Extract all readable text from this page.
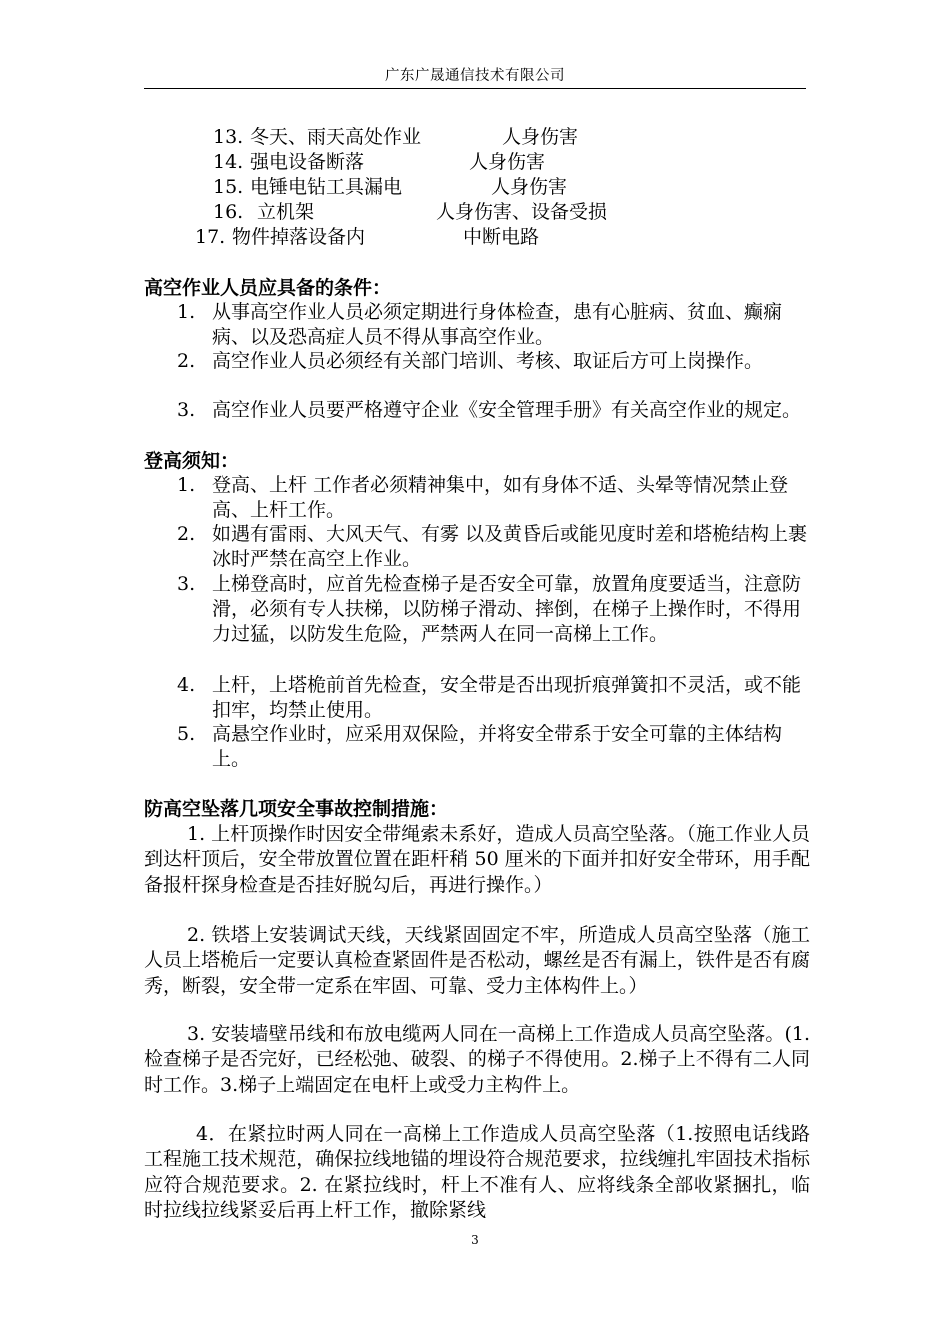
广东广晟通信技术有限公司
13. 冬天、雨天高处作业	人身伤害
14. 强电设备断落	人身伤害
15. 电锤电钻工具漏电	人身伤害
16. 立机架	人身伤害、设备受损
17. 物件掉落设备内	中断电路
高空作业人员应具备的条件：
1. 从事高空作业人员必须定期进行身体检查，患有心脏病、贫血、癫痫病、以及恐高症人员不得从事高空作业。
2. 高空作业人员必须经有关部门培训、考核、取证后方可上岗操作。
3. 高空作业人员要严格遵守企业《安全管理手册》有关高空作业的规定。
登高须知：
1. 登高、上杆 工作者必须精神集中，如有身体不适、头晕等情况禁止登高、上杆工作。
2. 如遇有雷雨、大风天气、有雾 以及黄昏后或能见度时差和塔桅结构上裹冰时严禁在高空上作业。
3. 上梯登高时，应首先检查梯子是否安全可靠，放置角度要适当，注意防滑，必须有专人扶梯，以防梯子滑动、摔倒，在梯子上操作时，不得用力过猛，以防发生危险，严禁两人在同一高梯上工作。
4. 上杆，上塔桅前首先检查，安全带是否出现折痕弹簧扣不灵活，或不能扣牢，均禁止使用。
5. 高悬空作业时，应采用双保险，并将安全带系于安全可靠的主体结构上。
防高空坠落几项安全事故控制措施：
1. 上杆顶操作时因安全带绳索未系好，造成人员高空坠落。（施工作业人员到达杆顶后，安全带放置位置在距杆稍 50 厘米的下面并扣好安全带环，用手配备报杆探身检查是否挂好脱勾后，再进行操作。）
2. 铁塔上安装调试天线，天线紧固固定不牢，所造成人员高空坠落（施工人员上塔桅后一定要认真检查紧固件是否松动，螺丝是否有漏上，铁件是否有腐秀，断裂，安全带一定系在牢固、可靠、受力主体构件上。）
3. 安装墙壁吊线和布放电缆两人同在一高梯上工作造成人员高空坠落。(1.检查梯子是否完好，已经松弛、破裂、的梯子不得使用。2.梯子上不得有二人同时工作。3.梯子上端固定在电杆上或受力主构件上。
4．在紧拉时两人同在一高梯上工作造成人员高空坠落（1.按照电话线路工程施工技术规范，确保拉线地锚的埋设符合规范要求，拉线缠扎牢固技术指标应符合规范要求。2. 在紧拉线时，杆上不准有人、应将线条全部收紧捆扎，临时拉线拉线紧妥后再上杆工作，撤除紧线
3
